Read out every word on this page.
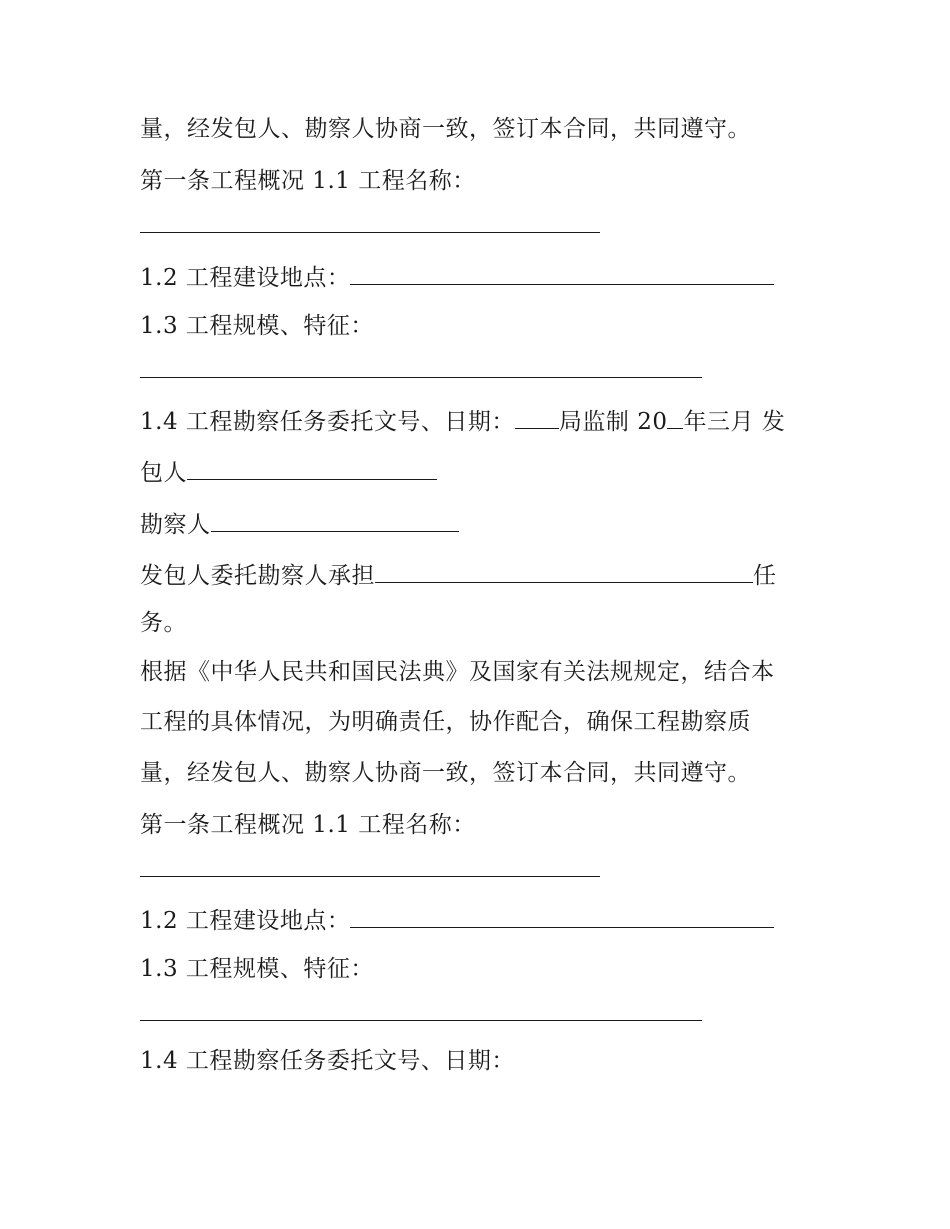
量，经发包人、勘察人协商一致，签订本合同，共同遵守。
第一条工程概况 1.1 工程名称：
1.2 工程建设地点：
1.3 工程规模、特征：
1.4 工程勘察任务委托文号、日期： 局监制 20 年三月 发
包人
勘察人
发包人委托勘察人承担	任
务。
根据《中华人民共和国民法典》及国家有关法规规定，结合本
工程的具体情况，为明确责任，协作配合，确保工程勘察质
量，经发包人、勘察人协商一致，签订本合同，共同遵守。
第一条工程概况 1.1 工程名称：
1.2 工程建设地点：
1.3 工程规模、特征：
1.4 工程勘察任务委托文号、日期：
